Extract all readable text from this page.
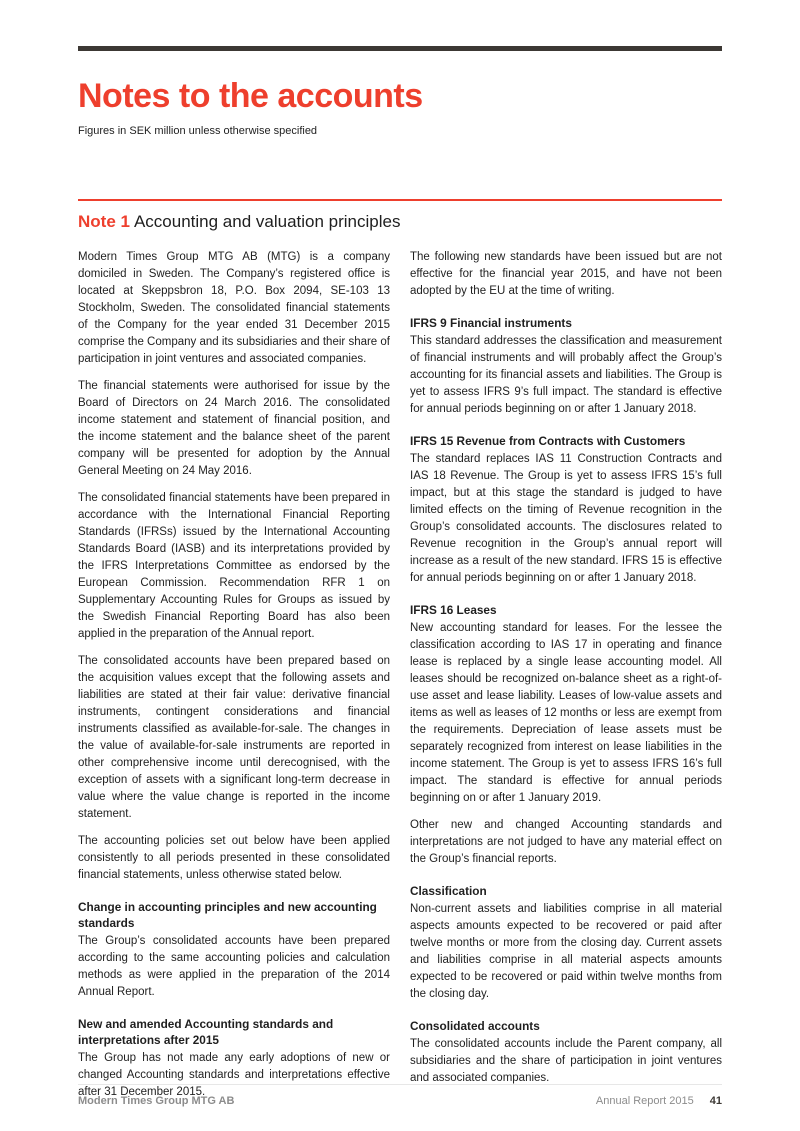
Notes to the accounts

Figures in SEK million unless otherwise specified

Note 1 Accounting and valuation principles

Modern Times Group MTG AB (MTG) is a company domiciled in Sweden. The Company’s registered office is located at Skeppsbron 18, P.O. Box 2094, SE-103 13 Stockholm, Sweden. The consolidated financial statements of the Company for the year ended 31 December 2015 comprise the Company and its subsidiaries and their share of participation in joint ventures and associated companies.

The financial statements were authorised for issue by the Board of Directors on 24 March 2016. The consolidated income statement and statement of financial position, and the income statement and the balance sheet of the parent company will be presented for adoption by the Annual General Meeting on 24 May 2016.

The consolidated financial statements have been prepared in accordance with the International Financial Reporting Standards (IFRSs) issued by the International Accounting Standards Board (IASB) and its interpretations provided by the IFRS Interpretations Committee as endorsed by the European Commission. Recommendation RFR 1 on Supplementary Accounting Rules for Groups as issued by the Swedish Financial Reporting Board has also been applied in the preparation of the Annual report.

The consolidated accounts have been prepared based on the acquisition values except that the following assets and liabilities are stated at their fair value: derivative financial instruments, contingent considerations and financial instruments classified as available-for-sale. The changes in the value of available-for-sale instruments are reported in other comprehensive income until derecognised, with the exception of assets with a significant long-term decrease in value where the value change is reported in the income statement.

The accounting policies set out below have been applied consistently to all periods presented in these consolidated financial statements, unless otherwise stated below.

Change in accounting principles and new accounting standards

The Group’s consolidated accounts have been prepared according to the same accounting policies and calculation methods as were applied in the preparation of the 2014 Annual Report.

New and amended Accounting standards and interpretations after 2015

The Group has not made any early adoptions of new or changed Accounting standards and interpretations effective after 31 December 2015.

The following new standards have been issued but are not effective for the financial year 2015, and have not been adopted by the EU at the time of writing.

IFRS 9 Financial instruments

This standard addresses the classification and measurement of financial instruments and will probably affect the Group’s accounting for its financial assets and liabilities. The Group is yet to assess IFRS 9’s full impact. The standard is effective for annual periods beginning on or after 1 January 2018.

IFRS 15 Revenue from Contracts with Customers

The standard replaces IAS 11 Construction Contracts and IAS 18 Revenue. The Group is yet to assess IFRS 15’s full impact, but at this stage the standard is judged to have limited effects on the timing of Revenue recognition in the Group’s consolidated accounts. The disclosures related to Revenue recognition in the Group’s annual report will increase as a result of the new standard. IFRS 15 is effective for annual periods beginning on or after 1 January 2018.

IFRS 16 Leases

New accounting standard for leases. For the lessee the classification according to IAS 17 in operating and finance lease is replaced by a single lease accounting model. All leases should be recognized on-balance sheet as a right-of-use asset and lease liability. Leases of low-value assets and items as well as leases of 12 months or less are exempt from the requirements. Depreciation of lease assets must be separately recognized from interest on lease liabilities in the income statement. The Group is yet to assess IFRS 16’s full impact. The standard is effective for annual periods beginning on or after 1 January 2019.

Other new and changed Accounting standards and interpretations are not judged to have any material effect on the Group’s financial reports.

Classification

Non-current assets and liabilities comprise in all material aspects amounts expected to be recovered or paid after twelve months or more from the closing day. Current assets and liabilities comprise in all material aspects amounts expected to be recovered or paid within twelve months from the closing day.

Consolidated accounts

The consolidated accounts include the Parent company, all subsidiaries and the share of participation in joint ventures and associated companies.

Modern Times Group MTG AB	Annual Report 2015 41
